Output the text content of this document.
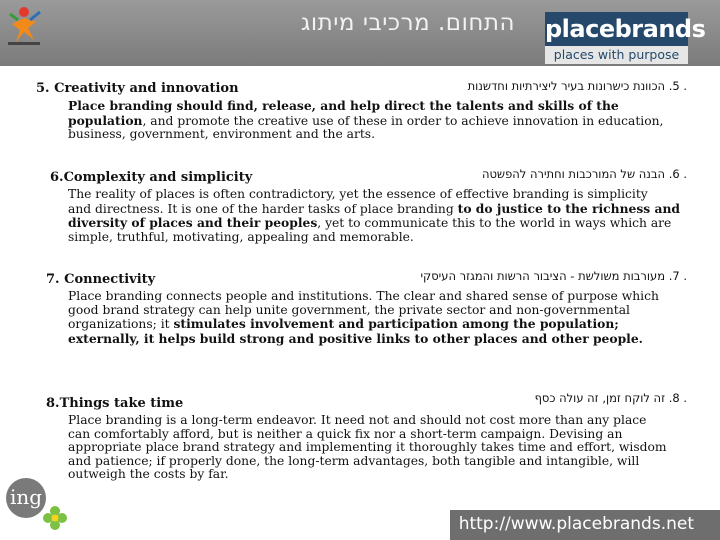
התחום. מרכיבי מיתוג placebrands
places with purpose
. 5. הכוונת כישרונות בעיר ליצירתיות וחדשנות
5. Creativity and innovation
Place branding should find, release, and help direct the talents and skills of the
population, and promote the creative use of these in order to achieve innovation in education,
business, government, environment and the arts.
. 6. הבנה של המורכבות וחתירה להפשטה
6.Complexity and simplicity
The reality of places is often contradictory, yet the essence of effective branding is simplicity
and directness. It is one of the harder tasks of place branding to do justice to the richness and
diversity of places and their peoples, yet to communicate this to the world in ways which are
simple, truthful, motivating, appealing and memorable.
. 7. מעורבות משולשת - הציבור הרשות והמגזר העיסקי
7. Connectivity
Place branding connects people and institutions. The clear and shared sense of purpose which
good brand strategy can help unite government, the private sector and non-governmental
organizations; it stimulates involvement and participation among the population;
externally, it helps build strong and positive links to other places and other people.
. 8. זה לוקח זמן, זה עולה כסף
8.Things take time
Place branding is a long-term endeavor. It need not and should not cost more than any place
can comfortably afford, but is neither a quick fix nor a short-term campaign. Devising an
appropriate place brand strategy and implementing it thoroughly takes time and effort, wisdom
and patience; if properly done, the long-term advantages, both tangible and intangible, will
outweigh the costs by far.
ing
http://www.placebrands.net
